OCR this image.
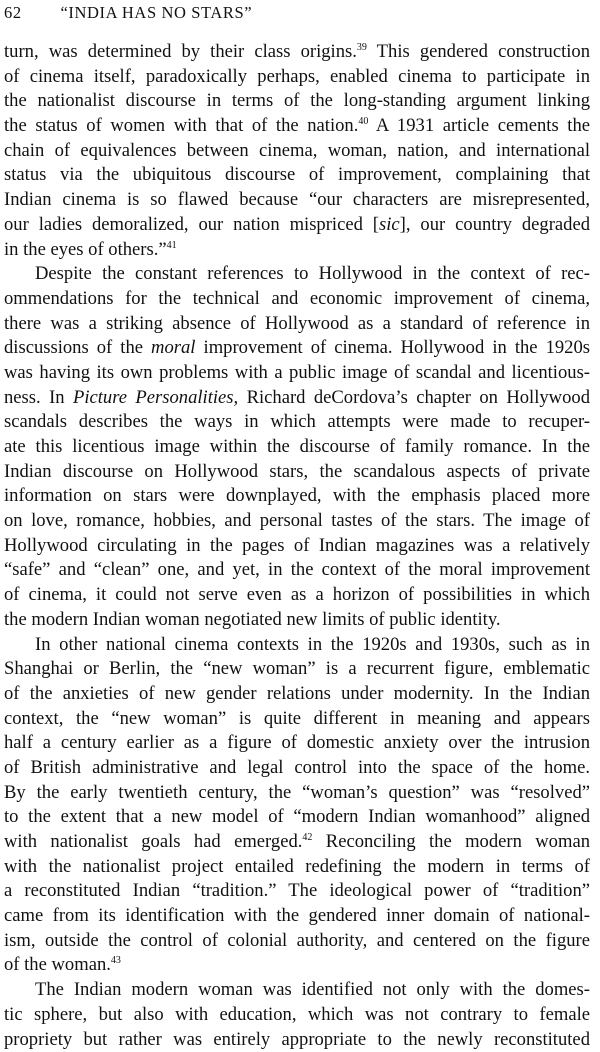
62 “INDIA HAS NO STARS”
turn, was determined by their class origins.$^{39}$ This gendered construction
of cinema itself, paradoxically perhaps, enabled cinema to participate in
the nationalist discourse in terms of the long-standing argument linking
the status of women with that of the nation.$^{40}$ A 1931 article cements the
chain of equivalences between cinema, woman, nation, and international
status via the ubiquitous discourse of improvement, complaining that
Indian cinema is so flawed because “our characters are misrepresented,
our ladies demoralized, our nation mispriced [sic], our country degraded
in the eyes of others.”$^{41}$
Despite the constant references to Hollywood in the context of rec-
ommendations for the technical and economic improvement of cinema,
there was a striking absence of Hollywood as a standard of reference in
discussions of the moral improvement of cinema. Hollywood in the 1920s
was having its own problems with a public image of scandal and licentious-
ness. In Picture Personalities, Richard deCordova’s chapter on Hollywood
scandals describes the ways in which attempts were made to recuper-
ate this licentious image within the discourse of family romance. In the
Indian discourse on Hollywood stars, the scandalous aspects of private
information on stars were downplayed, with the emphasis placed more
on love, romance, hobbies, and personal tastes of the stars. The image of
Hollywood circulating in the pages of Indian magazines was a relatively
“safe” and “clean” one, and yet, in the context of the moral improvement
of cinema, it could not serve even as a horizon of possibilities in which
the modern Indian woman negotiated new limits of public identity.
In other national cinema contexts in the 1920s and 1930s, such as in
Shanghai or Berlin, the “new woman” is a recurrent figure, emblematic
of the anxieties of new gender relations under modernity. In the Indian
context, the “new woman” is quite different in meaning and appears
half a century earlier as a figure of domestic anxiety over the intrusion
of British administrative and legal control into the space of the home.
By the early twentieth century, the “woman’s question” was “resolved”
to the extent that a new model of “modern Indian womanhood” aligned
with nationalist goals had emerged.$^{42}$ Reconciling the modern woman
with the nationalist project entailed redefining the modern in terms of
a reconstituted Indian “tradition.” The ideological power of “tradition”
came from its identification with the gendered inner domain of national-
ism, outside the control of colonial authority, and centered on the figure
of the woman.$^{43}$
The Indian modern woman was identified not only with the domes-
tic sphere, but also with education, which was not contrary to female
propriety but rather was entirely appropriate to the newly reconstituted
